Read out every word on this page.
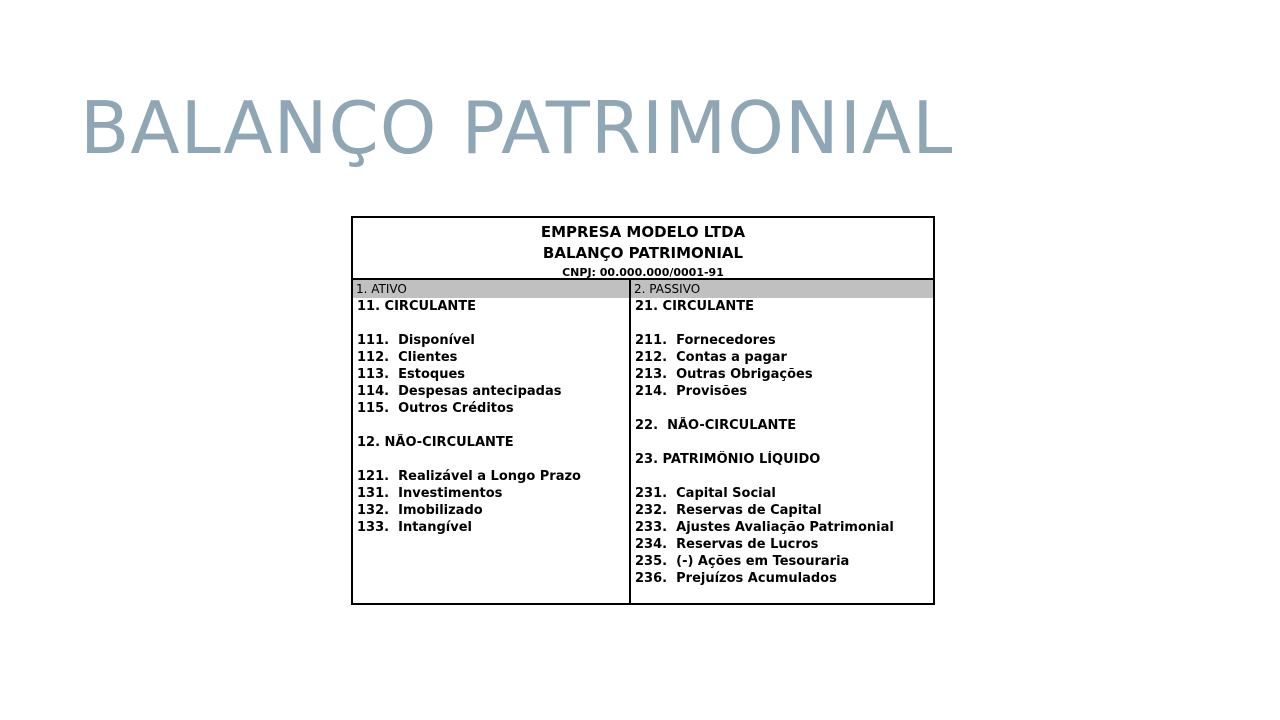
BALANÇO PATRIMONIAL
EMPRESA MODELO LTDA
BALANÇO PATRIMONIAL
CNPJ: 00.000.000/0001-91
1. ATIVO
11. CIRCULANTE
111.  Disponível
112.  Clientes
113.  Estoques
114.  Despesas antecipadas
115.  Outros Créditos
12. NÃO-CIRCULANTE
121.  Realizável a Longo Prazo
131.  Investimentos
132.  Imobilizado
133.  Intangível
2. PASSIVO
21. CIRCULANTE
211.  Fornecedores
212.  Contas a pagar
213.  Outras Obrigações
214.  Provisões
22.  NÃO-CIRCULANTE
23. PATRIMÔNIO LÍQUIDO
231.  Capital Social
232.  Reservas de Capital
233.  Ajustes Avaliação Patrimonial
234.  Reservas de Lucros
235.  (-) Ações em Tesouraria
236.  Prejuízos Acumulados
